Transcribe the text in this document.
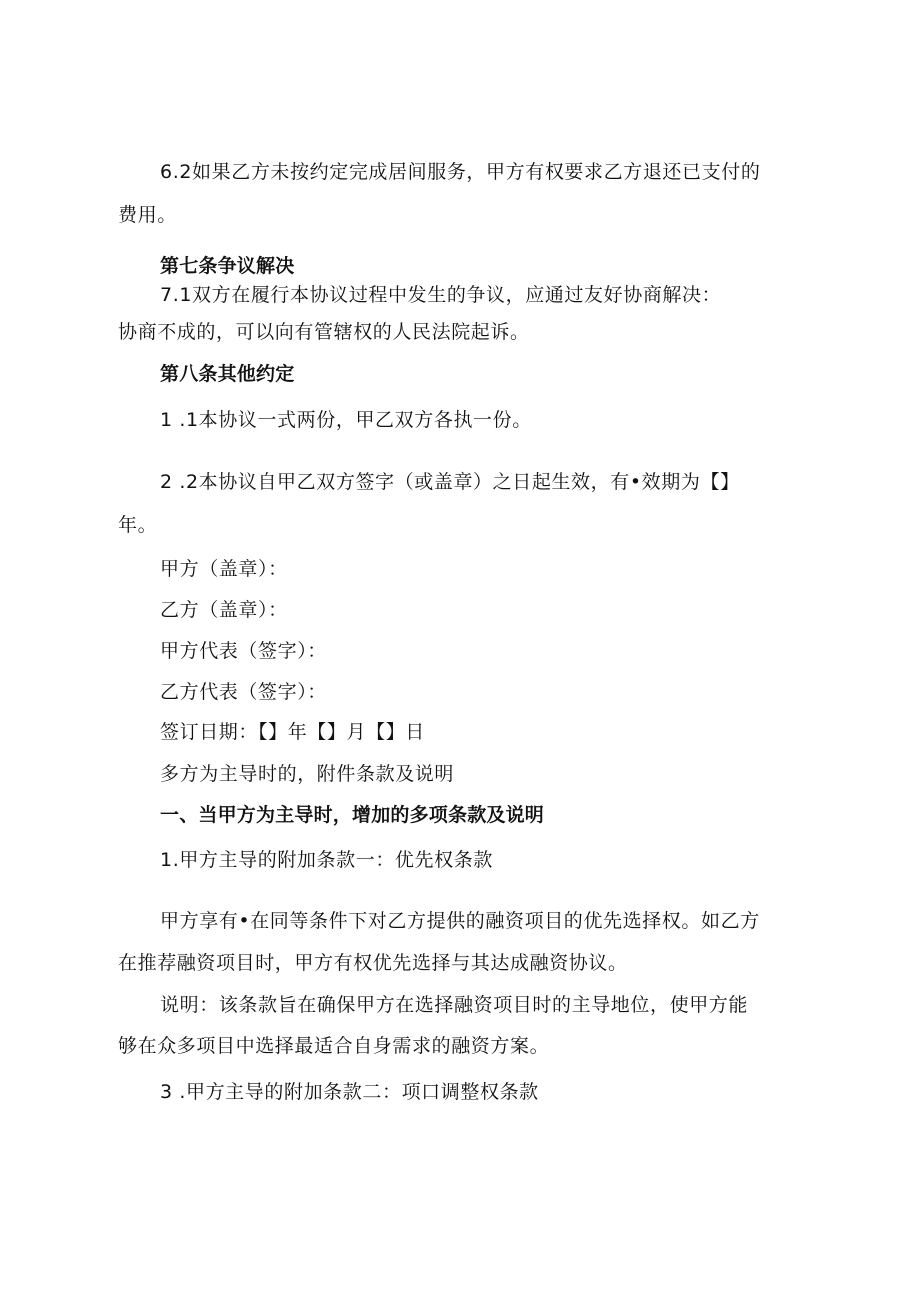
6.2如果乙方未按约定完成居间服务，甲方有权要求乙方退还已支付的
费用。
第七条争议解决
7.1双方在履行本协议过程中发生的争议，应通过友好协商解决：
协商不成的，可以向有管辖权的人民法院起诉。
第八条其他约定
1 .1本协议一式两份，甲乙双方各执一份。
2 .2本协议自甲乙双方签字（或盖章）之日起生效，有•效期为【】
年。
甲方（盖章）：
乙方（盖章）：
甲方代表（签字）：
乙方代表（签字）：
签订日期：【】年【】月【】日
多方为主导时的，附件条款及说明
一、当甲方为主导时，增加的多项条款及说明
1.甲方主导的附加条款一：优先权条款
甲方享有•在同等条件下对乙方提供的融资项目的优先选择权。如乙方
在推荐融资项目时，甲方有权优先选择与其达成融资协议。
说明：该条款旨在确保甲方在选择融资项目时的主导地位，使甲方能
够在众多项目中选择最适合自身需求的融资方案。
3 .甲方主导的附加条款二：项口调整权条款
